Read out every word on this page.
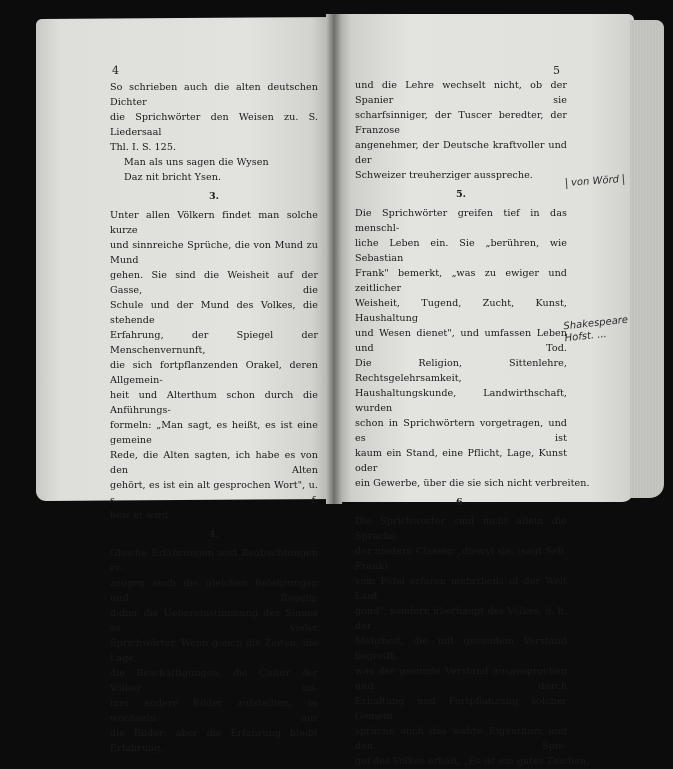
4	5
So schrieben auch die alten deutschen Dichter
die Sprichwörter den Weisen zu. S. Liedersaal
Thl. I. S. 125.
Man als uns sagen die Wysen
Daz nit bricht Ysen.
3.
Unter allen Völkern findet man solche kurze
und sinnreiche Sprüche, die von Mund zu Mund
gehen. Sie sind die Weisheit auf der Gasse, die
Schule und der Mund des Volkes, die stehende
Erfahrung, der Spiegel der Menschenvernunft,
die sich fortpflanzenden Orakel, deren Allgemein-
heit und Alterthum schon durch die Anführungs-
formeln: „Man sagt, es heißt, es ist eine gemeine
Rede, die Alten sagten, ich habe es von den Alten
gehört, es ist ein alt gesprochen Wort", u. s. f.
bew et wird.
4.
Gleiche Erfahrungen und Beobachtungen er-
zeugen auch die gleichen Belehrungen und Regeln;
daher die Uebereinstimmung des Sinnes so vieler
Sprichwörter. Wenn gleich die Zeiten, die Lage,
die Beschäftigungen, die Cultur der Völker im-
mer andere Bilder aufstellten, so wechseln nur
die Bilder; aber die Erfahrung bleibt Erfahrung,
und die Lehre wechselt nicht, ob der Spanier sie
scharfsinniger, der Tuscer beredter, der Franzose
angenehmer, der Deutsche kraftvoller und der
Schweizer treuherziger ausspreche.
5.
Die Sprichwörter greifen tief in das menschl-
liche Leben ein. Sie „berühren, wie Sebastian
Frank" bemerkt, „was zu ewiger und zeitlicher
Weisheit, Tugend, Zucht, Kunst, Haushaltung
und Wesen dienet", und umfassen Leben und Tod.
Die Religion, Sittenlehre, Rechtsgelehrsamkeit,
Haushaltungskunde, Landwirthschaft, wurden
schon in Sprichwörtern vorgetragen, und es ist
kaum ein Stand, eine Pflicht, Lage, Kunst oder
ein Gewerbe, über die sie sich nicht verbreiten.
6.
Die Sprichwörter sind nicht allein die Sprache
der niedern Classen „diewyl sie, (sagt Seb. Frank)
vom Pöfel erfaren mehrtheils uf der Welt Lauf
gond", sondern überhaupt des Volkes, d. h. der
Mehrheit, die mit gesundem Verstand begreift,
was der gesunde Verstand ausgesprochen und durch
Erhaltung und Fortpflanzung solcher Gemein-
sprüche auch das wahre Eigenthum und den Spie-
gel des Volkes erhält. „Es ist ein gutes Zeichen,
von Wörd
Shakespeare Hofst. ...
